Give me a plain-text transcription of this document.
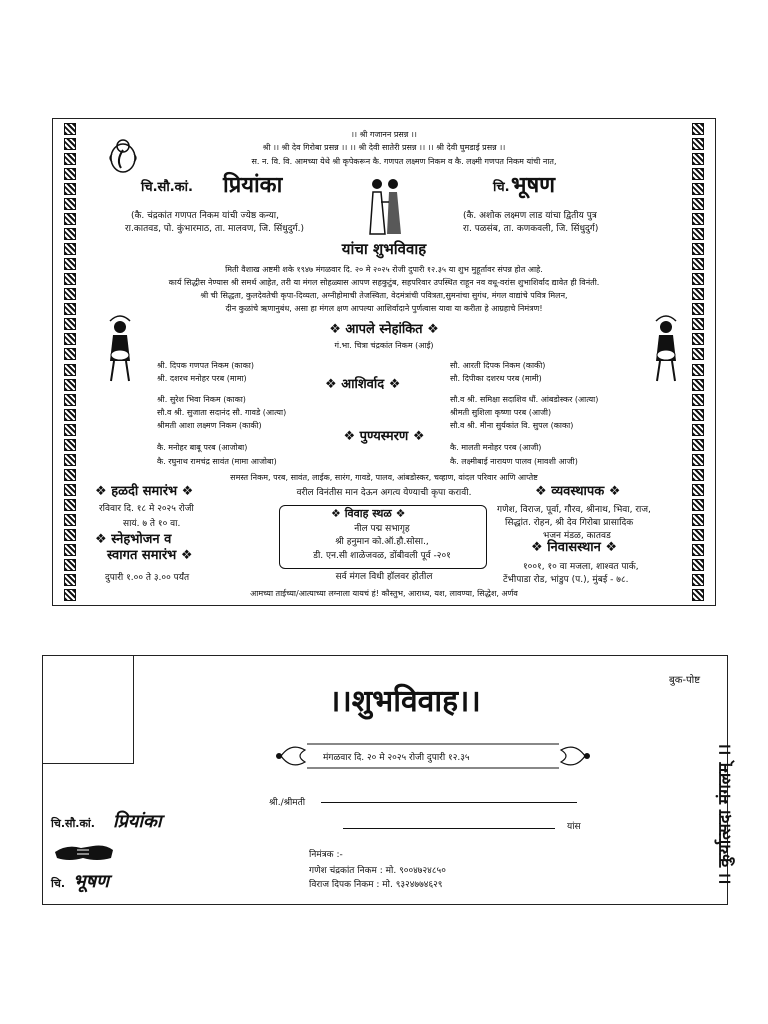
।। श्री गजानन प्रसन्न ।।
श्री ।। श्री देव गिरोबा प्रसन्न ।। ।। श्री देवी सातेरी प्रसन्न ।। ।। श्री देवी घुमडाई प्रसन्न ।।
स. न. वि. वि. आमच्या येथे श्री कृपेकरून कै. गणपत लक्ष्मण निकम व कै. लक्ष्मी गणपत निकम यांची नात,
चि.सौ.कां. प्रियांका
(कै. चंद्रकांत गणपत निकम यांची ज्येष्ठ कन्या,
रा.कातवड, पो. कुंभारमाठ, ता. मालवण, जि. सिंधुदुर्ग.)
चि. भूषण
(कै. अशोक लक्ष्मण लाड यांचा द्वितीय पुत्र
रा. पळसंब, ता. कणकवली, जि. सिंधुदुर्ग)
यांचा शुभविवाह
मिती वैशाख अष्टमी शके १९४७ मंगळवार दि. २० मे २०२५ रोजी दुपारी १२.३५ या शुभ मुहूर्तावर संपन्न होत आहे.
कार्य सिद्धीस नेण्यास श्री समर्थ आहेत, तरी या मंगल सोहळ्यास आपण सहकुटुंब, सहपरिवार उपस्थित राहून नव वधू-वरांस शुभाशिर्वाद द्यावेत ही विनंती.
श्री ची सिद्धता, कुलदेवतेची कृपा-दिव्यता, अग्नीहोमाची तेजस्विता, वेदमंत्रांची पवित्रता,सुमनांचा सुगंध, मंगल वाद्यांचे पवित्र मिलन,
दीन कुळांचे ऋणानुबंध, असा हा मंगल क्षण आपल्या आशिर्वादाने पुर्णत्वास यावा या करीता हे आग्रहाचे निमंत्रण!
❖ आपले स्नेहांकित ❖
गं.भा. चित्रा चंद्रकांत निकम (आई)
श्री. दिपक गणपत निकम (काका)
श्री. दशरथ मनोहर परब (मामा)
श्री. सुरेश भिवा निकम (काका)
सौ.व श्री. सुजाता सदानंद सौ. गावडे (आत्या)
श्रीमती आशा लक्ष्मण निकम (काकी)
❖ आशिर्वाद ❖
सौ. आरती दिपक निकम (काकी)
सौ. दिपीका दशरथ परब (मामी)
सौ.व श्री. समिक्षा सदाशिव धौं. आंबडोस्कर (आत्या)
श्रीमती सुशिला कृष्णा परब (आजी)
सौ.व श्री. मीना सुर्यकांत वि. सुपल (काका)
❖ पुण्यस्मरण ❖
कै. मनोहर बाबू परब (आजोबा)
कै. रघुनाथ रामचंद्र सावंत (मामा आजोबा)
कै. मालती मनोहर परब (आजी)
कै. लक्ष्मीबाई नारायण पालव (मावशी आजी)
समस्त निकम, परब, सावंत, लाईक, सारंग, गावडे, पालव, आंबडोस्कर, चव्हाण, वांदल परिवार आणि आप्तेष्ट
वरील विनंतीस मान देऊन अगत्य येण्याची कृपा करावी.
❖ हळदी समारंभ ❖
रविवार दि. १८ मे २०२५ रोजी
सायं. ७ ते १० वा.
❖ स्नेहभोजन व
स्वागत समारंभ ❖
दुपारी १.०० ते ३.०० पर्यंत
❖ विवाह स्थळ ❖
नील पद्म सभागृह
श्री हनुमान को.ऑ.हौ.सोसा.,
डी. एन.सी शाळेजवळ, डोंबीवली पूर्व -२०१
सर्व मंगल विधी हॉलवर होतील
❖ व्यवस्थापक ❖
गणेश, विराज, पूर्वा, गौरव, श्रीनाथ, भिवा, राज,
सिद्धांत. रोहन, श्री देव गिरोबा प्रासादिक
भजन मंडळ, कातवड
❖ निवासस्थान ❖
१००१, १० वा मजला, शाश्वत पार्क,
टेंभीपाडा रोड, भांडुप (प.), मुंबई - ७८.
आमच्या ताईच्या/आत्याच्या लग्नाला यायचं हं! कौस्तुभ, आराध्य, यश, लावण्या, सिद्धेश, अर्णव
बुक-पोष्ट
।।शुभविवाह।।
मंगळवार दि. २० मे २०२५ रोजी दुपारी १२.३५
श्री./श्रीमती
यांस
चि.सौ.कां. प्रियांका
चि. भूषण
निमंत्रक :-
गणेश चंद्रकांत निकम : मो. ९००४७२४८५०
विराज दिपक निकम : मो. ९३२४७७४६२९	।। कुर्यात्सदा मंगलम् ।।
